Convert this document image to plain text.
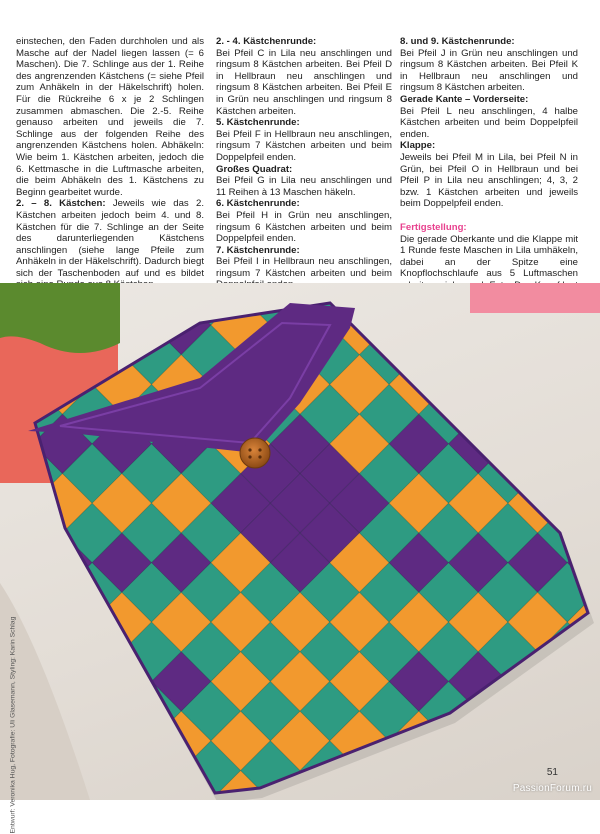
einstechen, den Faden durchholen und als Masche auf der Nadel liegen lassen (= 6 Maschen). Die 7. Schlinge aus der 1. Reihe des angrenzenden Kästchens (= siehe Pfeil zum Anhäkeln in der Häkelschrift) holen. Für die Rückreihe 6 x je 2 Schlingen zusammen abmaschen. Die 2.-5. Reihe genauso arbeiten und jeweils die 7. Schlinge aus der folgenden Reihe des angrenzenden Kästchens holen. Abhäkeln: Wie beim 1. Kästchen arbeiten, jedoch die 6. Kettmasche in die Luftmasche arbeiten, die beim Abhäkeln des 1. Kästchens zu Beginn gearbeitet wurde.

2. – 8. Kästchen: Jeweils wie das 2. Kästchen arbeiten jedoch beim 4. und 8. Kästchen für die 7. Schlinge an der Seite des darunterliegenden Kästchens anschlingen (siehe lange Pfeile zum Anhäkeln in der Häkelschrift). Dadurch biegt sich der Taschenboden auf und es bildet

2. - 4. Kästchenrunde:

Bei Pfeil C in Lila neu anschlingen und ringsum 8 Kästchen arbeiten. Bei Pfeil D in Hellbraun neu anschlingen und ringsum 8 Kästchen arbeiten. Bei Pfeil E in Grün neu anschlingen und ringsum 8 Kästchen arbeiten.

5. Kästchenrunde:

Bei Pfeil F in Hellbraun neu anschlingen, ringsum 7 Kästchen arbeiten und beim Doppelpfeil enden.

Großes Quadrat:

Bei Pfeil G in Lila neu anschlingen und 11 Reihen à 13 Maschen häkeln.

6. Kästchenrunde:

Bei Pfeil H in Grün neu anschlingen, ringsum 6 Kästchen arbeiten und beim Doppelpfeil enden.

7. Kästchenrunde:

Bei Pfeil I in Hellbraun neu anschlingen, ringsum 7 Kästchen arbeiten und beim

8. und 9. Kästchenrunde:

Bei Pfeil J in Grün neu anschlingen und ringsum 8 Kästchen arbeiten. Bei Pfeil K in Hellbraun neu anschlingen und ringsum 8 Kästchen arbeiten.

Gerade Kante – Vorderseite:

Bei Pfeil L neu anschlingen, 4 halbe Kästchen arbeiten und beim Doppelpfeil enden.

Klappe:

Jeweils bei Pfeil M in Lila, bei Pfeil N in Grün, bei Pfeil O in Hellbraun und bei Pfeil P in Lila neu anschlingen; 4, 3, 2 bzw. 1 Kästchen arbeiten und jeweils beim Doppelpfeil enden.

Fertigstellung:

Die gerade Oberkante und die Klappe mit 1 Runde feste Maschen in Lila umhäkeln, dabei an der Spitze eine Knopflochschlaufe aus 5 Luftmaschen

Entwurf: Veronika Hug, Fotografie: Uli Glasemann, Styling: Karin Schlag	51
PassionForum.ru
